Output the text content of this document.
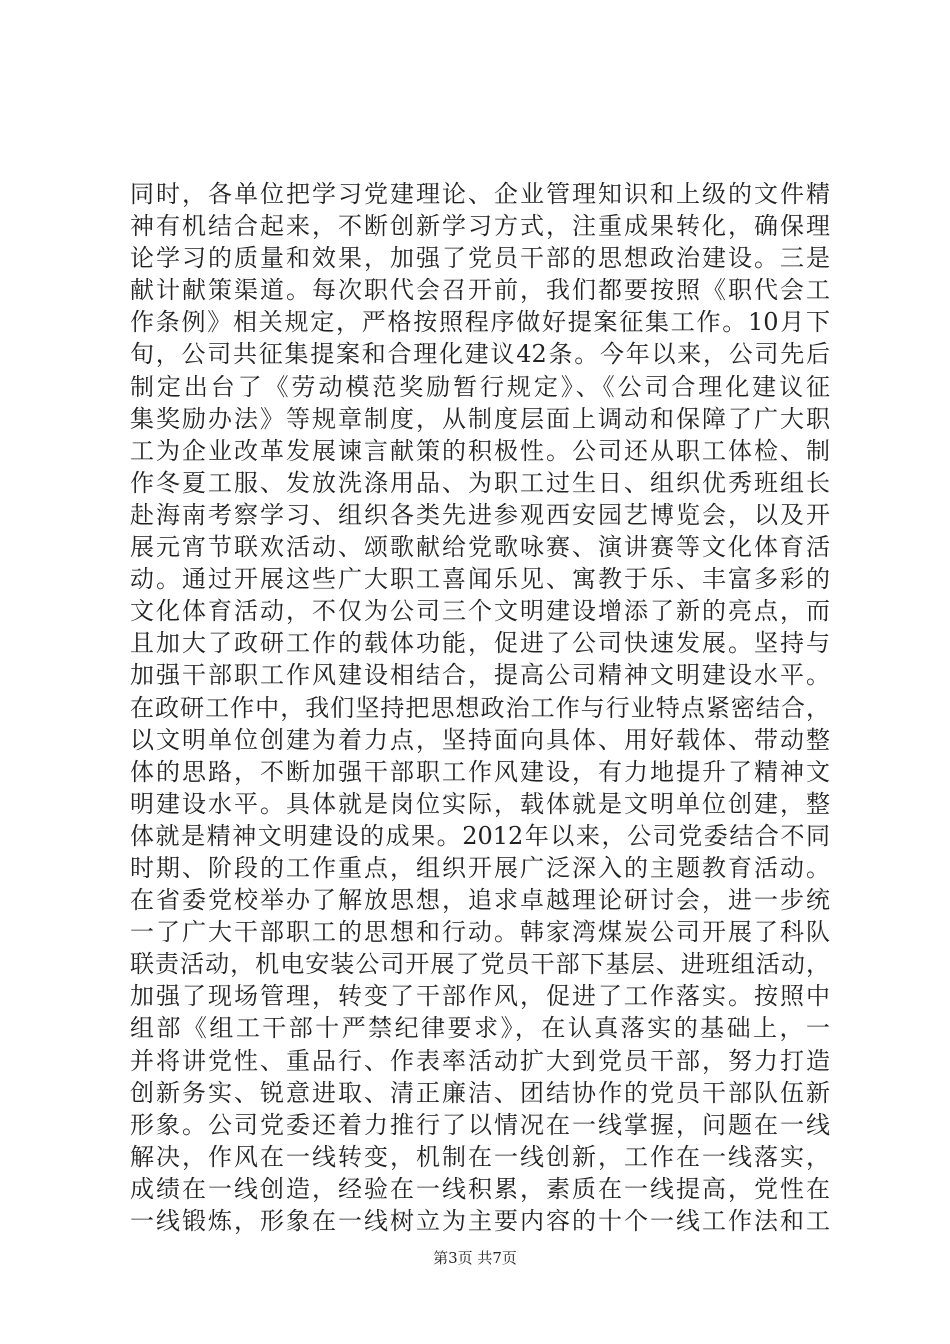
同时，各单位把学习党建理论、企业管理知识和上级的文件精
神有机结合起来，不断创新学习方式，注重成果转化，确保理
论学习的质量和效果，加强了党员干部的思想政治建设。三是
献计献策渠道。每次职代会召开前，我们都要按照《职代会工
作条例》相关规定，严格按照程序做好提案征集工作。10月下
旬，公司共征集提案和合理化建议42条。今年以来，公司先后
制定出台了《劳动模范奖励暂行规定》、《公司合理化建议征
集奖励办法》等规章制度，从制度层面上调动和保障了广大职
工为企业改革发展谏言献策的积极性。公司还从职工体检、制
作冬夏工服、发放洗涤用品、为职工过生日、组织优秀班组长
赴海南考察学习、组织各类先进参观西安园艺博览会，以及开
展元宵节联欢活动、颂歌献给党歌咏赛、演讲赛等文化体育活
动。通过开展这些广大职工喜闻乐见、寓教于乐、丰富多彩的
文化体育活动，不仅为公司三个文明建设增添了新的亮点，而
且加大了政研工作的载体功能，促进了公司快速发展。坚持与
加强干部职工作风建设相结合，提高公司精神文明建设水平。
在政研工作中，我们坚持把思想政治工作与行业特点紧密结合，
以文明单位创建为着力点，坚持面向具体、用好载体、带动整
体的思路，不断加强干部职工作风建设，有力地提升了精神文
明建设水平。具体就是岗位实际，载体就是文明单位创建，整
体就是精神文明建设的成果。2012年以来，公司党委结合不同
时期、阶段的工作重点，组织开展广泛深入的主题教育活动。
在省委党校举办了解放思想，追求卓越理论研讨会，进一步统
一了广大干部职工的思想和行动。韩家湾煤炭公司开展了科队
联责活动，机电安装公司开展了党员干部下基层、进班组活动，
加强了现场管理，转变了干部作风，促进了工作落实。按照中
组部《组工干部十严禁纪律要求》，在认真落实的基础上，一
并将讲党性、重品行、作表率活动扩大到党员干部，努力打造
创新务实、锐意进取、清正廉洁、团结协作的党员干部队伍新
形象。公司党委还着力推行了以情况在一线掌握，问题在一线
解决，作风在一线转变，机制在一线创新，工作在一线落实，
成绩在一线创造，经验在一线积累，素质在一线提高，党性在
一线锻炼，形象在一线树立为主要内容的十个一线工作法和工
第3页 共7页
